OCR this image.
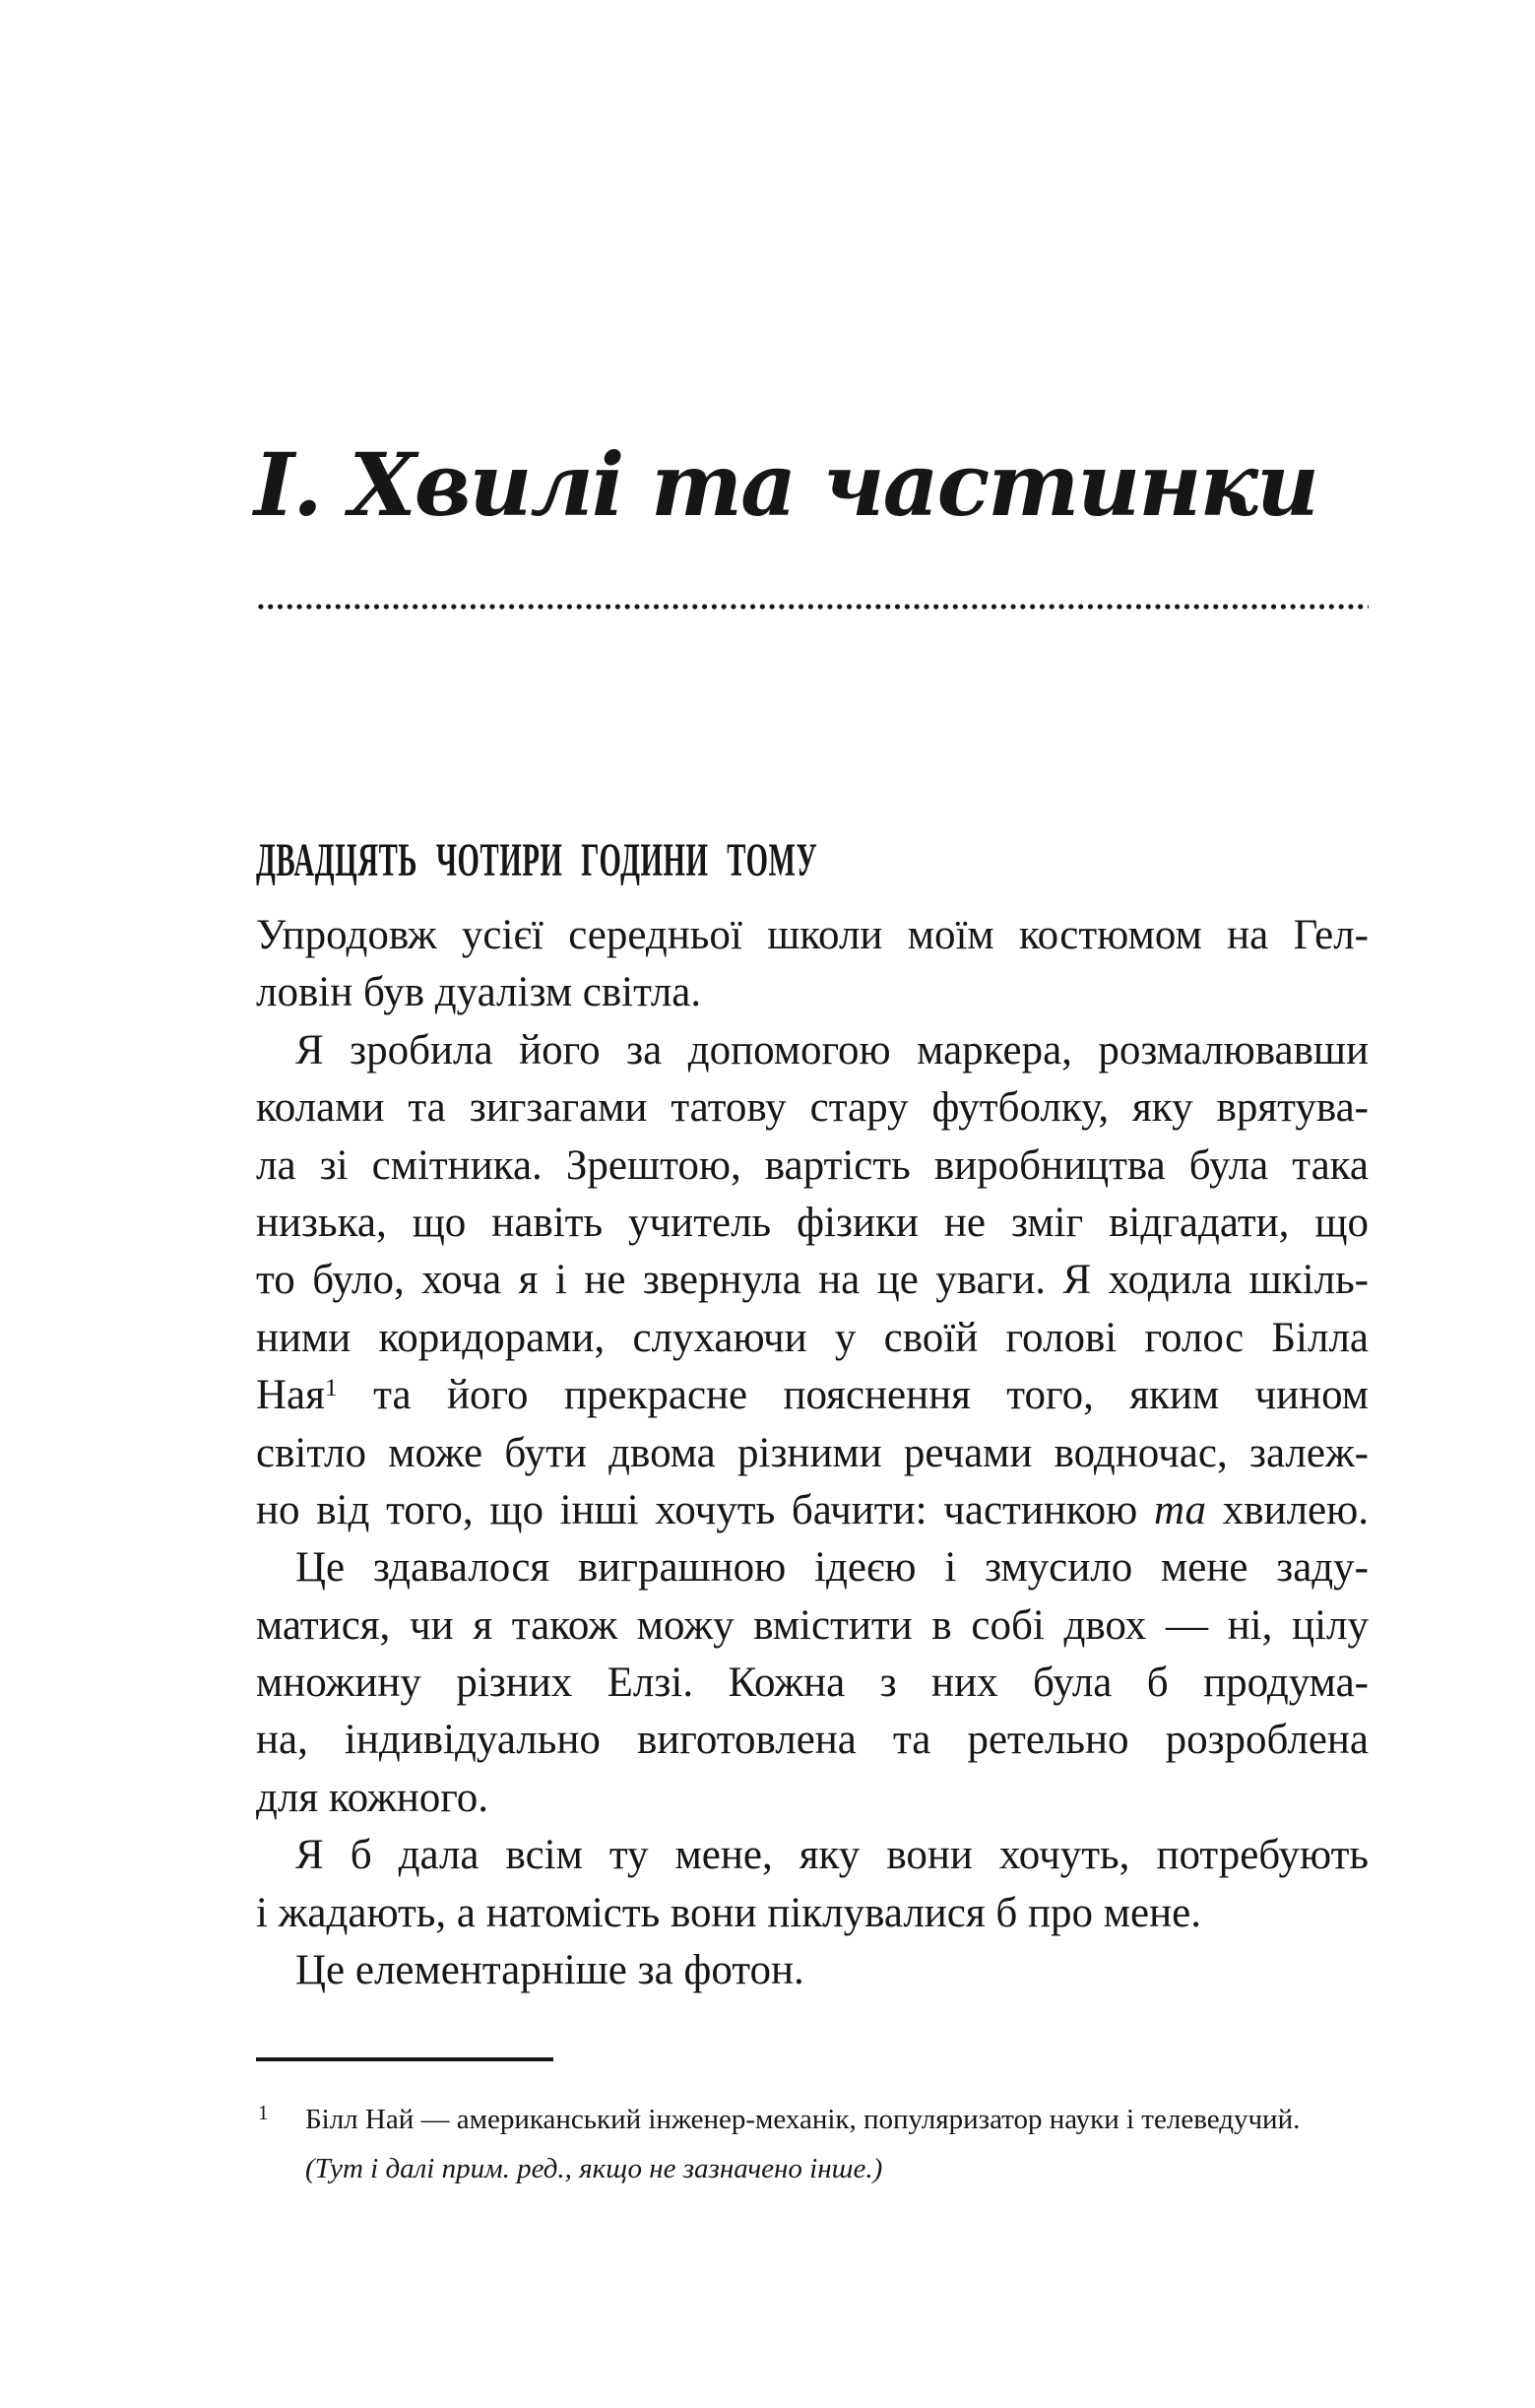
І. Хвилі та частинки
ДВАДЦЯТЬ ЧОТИРИ ГОДИНИ ТОМУ
Упродовж усієї середньої школи моїм костюмом на Гел-
ловін був дуалізм світла.
Я зробила його за допомогою маркера, розмалювавши
колами та зигзагами татову стару футболку, яку врятува-
ла зі смітника. Зрештою, вартість виробництва була така
низька, що навіть учитель фізики не зміг відгадати, що
то було, хоча я і не звернула на це уваги. Я ходила шкіль-
ними коридорами, слухаючи у своїй голові голос Білла
Ная$^1$ та його прекрасне пояснення того, яким чином
світло може бути двома різними речами водночас, залеж-
но від того, що інші хочуть бачити: частинкою та хвилею.
Це здавалося виграшною ідеєю і змусило мене заду-
матися, чи я також можу вмістити в собі двох — ні, цілу
множину різних Елзі. Кожна з них була б продума-
на, індивідуально виготовлена та ретельно розроблена
для кожного.
Я б дала всім ту мене, яку вони хочуть, потребують
і жадають, а натомість вони піклувалися б про мене.
Це елементарніше за фотон.
1 Білл Най — американський інженер-механік, популяризатор науки і телеведучий.
(Тут і далі прим. ред., якщо не зазначено інше.)
